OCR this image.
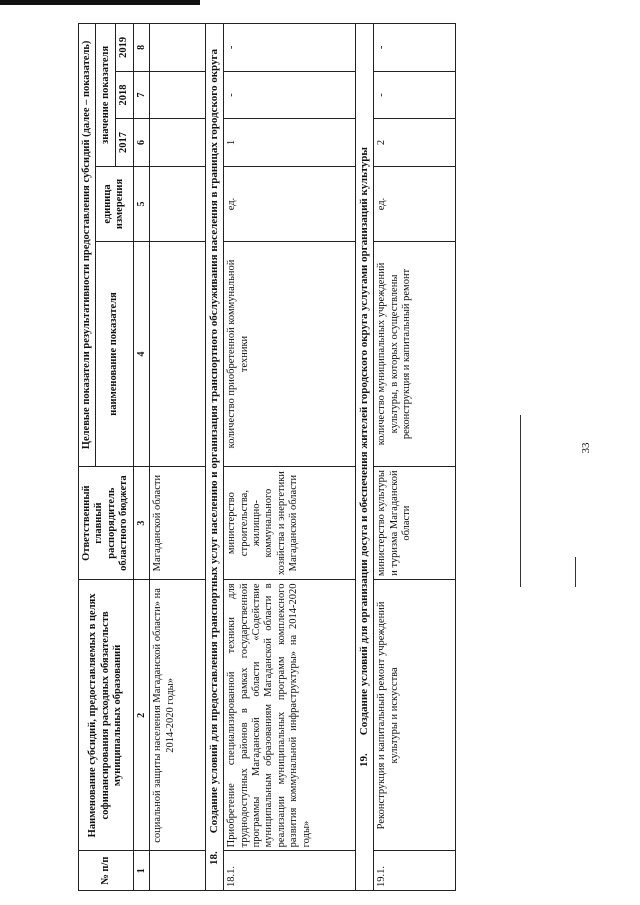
33
№ п/п	Наименование субсидий, предоставляемых в целях софинансирования расходных обязательств муниципальных образований	Ответственный главный распорядитель областного бюджета	Целевые показатели результативности предоставления субсидий (далее – показатель)				
			наименование показателя	единица измерения	значение показателя		
					2017	2018	2019
1	2	3	4	5	6	7	8
	социальной защиты населения Магаданской области» на 2014-2020 годы»	Магаданской области					
18.Создание условий для предоставления транспортных услуг населению и организация транспортного обслуживания населения в границах городского округа							
18.1.	Приобретение специализированной техники для труднодоступных районов в рамках государственной программы Магаданской области «Содействие муниципальным образованиям Магаданской области в реализации муниципальных программ комплексного развития коммунальной инфраструктуры» на 2014-2020 годы»	министерство строительства, жилищно-коммунального хозяйства и энергетики Магаданской области	количество приобретенной коммунальной техники	ед.	1	-	-
19.Создание условий для организации досуга и обеспечения жителей городского округа услугами организаций культуры							
19.1.	Реконструкция и капитальный ремонт учреждений культуры и искусства	министерство культуры и туризма Магаданской области	количество муниципальных учреждений культуры, в которых осуществлены реконструкция и капитальный ремонт	ед.	2	-	-
